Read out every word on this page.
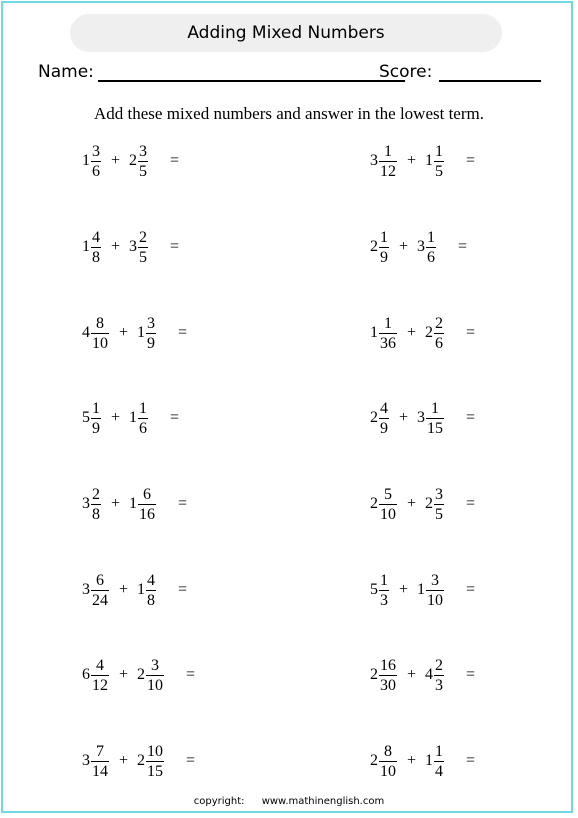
Adding Mixed Numbers
Name:	Score:
Add these mixed numbers and answer in the lowest term.
$1 \frac{3}{6} + 2 \frac{3}{5}$ =	$3 \frac{1}{12} + 1 \frac{1}{5}$ =
$1 \frac{4}{8} + 3 \frac{2}{5}$ =	$2 \frac{1}{9} + 3 \frac{1}{6}$ =
$4 \frac{8}{10} + 1 \frac{3}{9}$ =	$1 \frac{1}{36} + 2 \frac{2}{6}$ =
$5 \frac{1}{9} + 1 \frac{1}{6}$ =	$2 \frac{4}{9} + 3 \frac{1}{15}$ =
$3 \frac{2}{8} + 1 \frac{6}{16}$ =	$2 \frac{5}{10} + 2 \frac{3}{5}$ =
$3 \frac{6}{24} + 1 \frac{4}{8}$ =	$5 \frac{1}{3} + 1 \frac{3}{10}$ =
$6 \frac{4}{12} + 2 \frac{3}{10}$ =	$2 \frac{16}{30} + 4 \frac{2}{3}$ =
$3 \frac{7}{14} + 2 \frac{10}{15}$ =	$2 \frac{8}{10} + 1 \frac{1}{4}$ =
copyright: www.mathinenglish.com
